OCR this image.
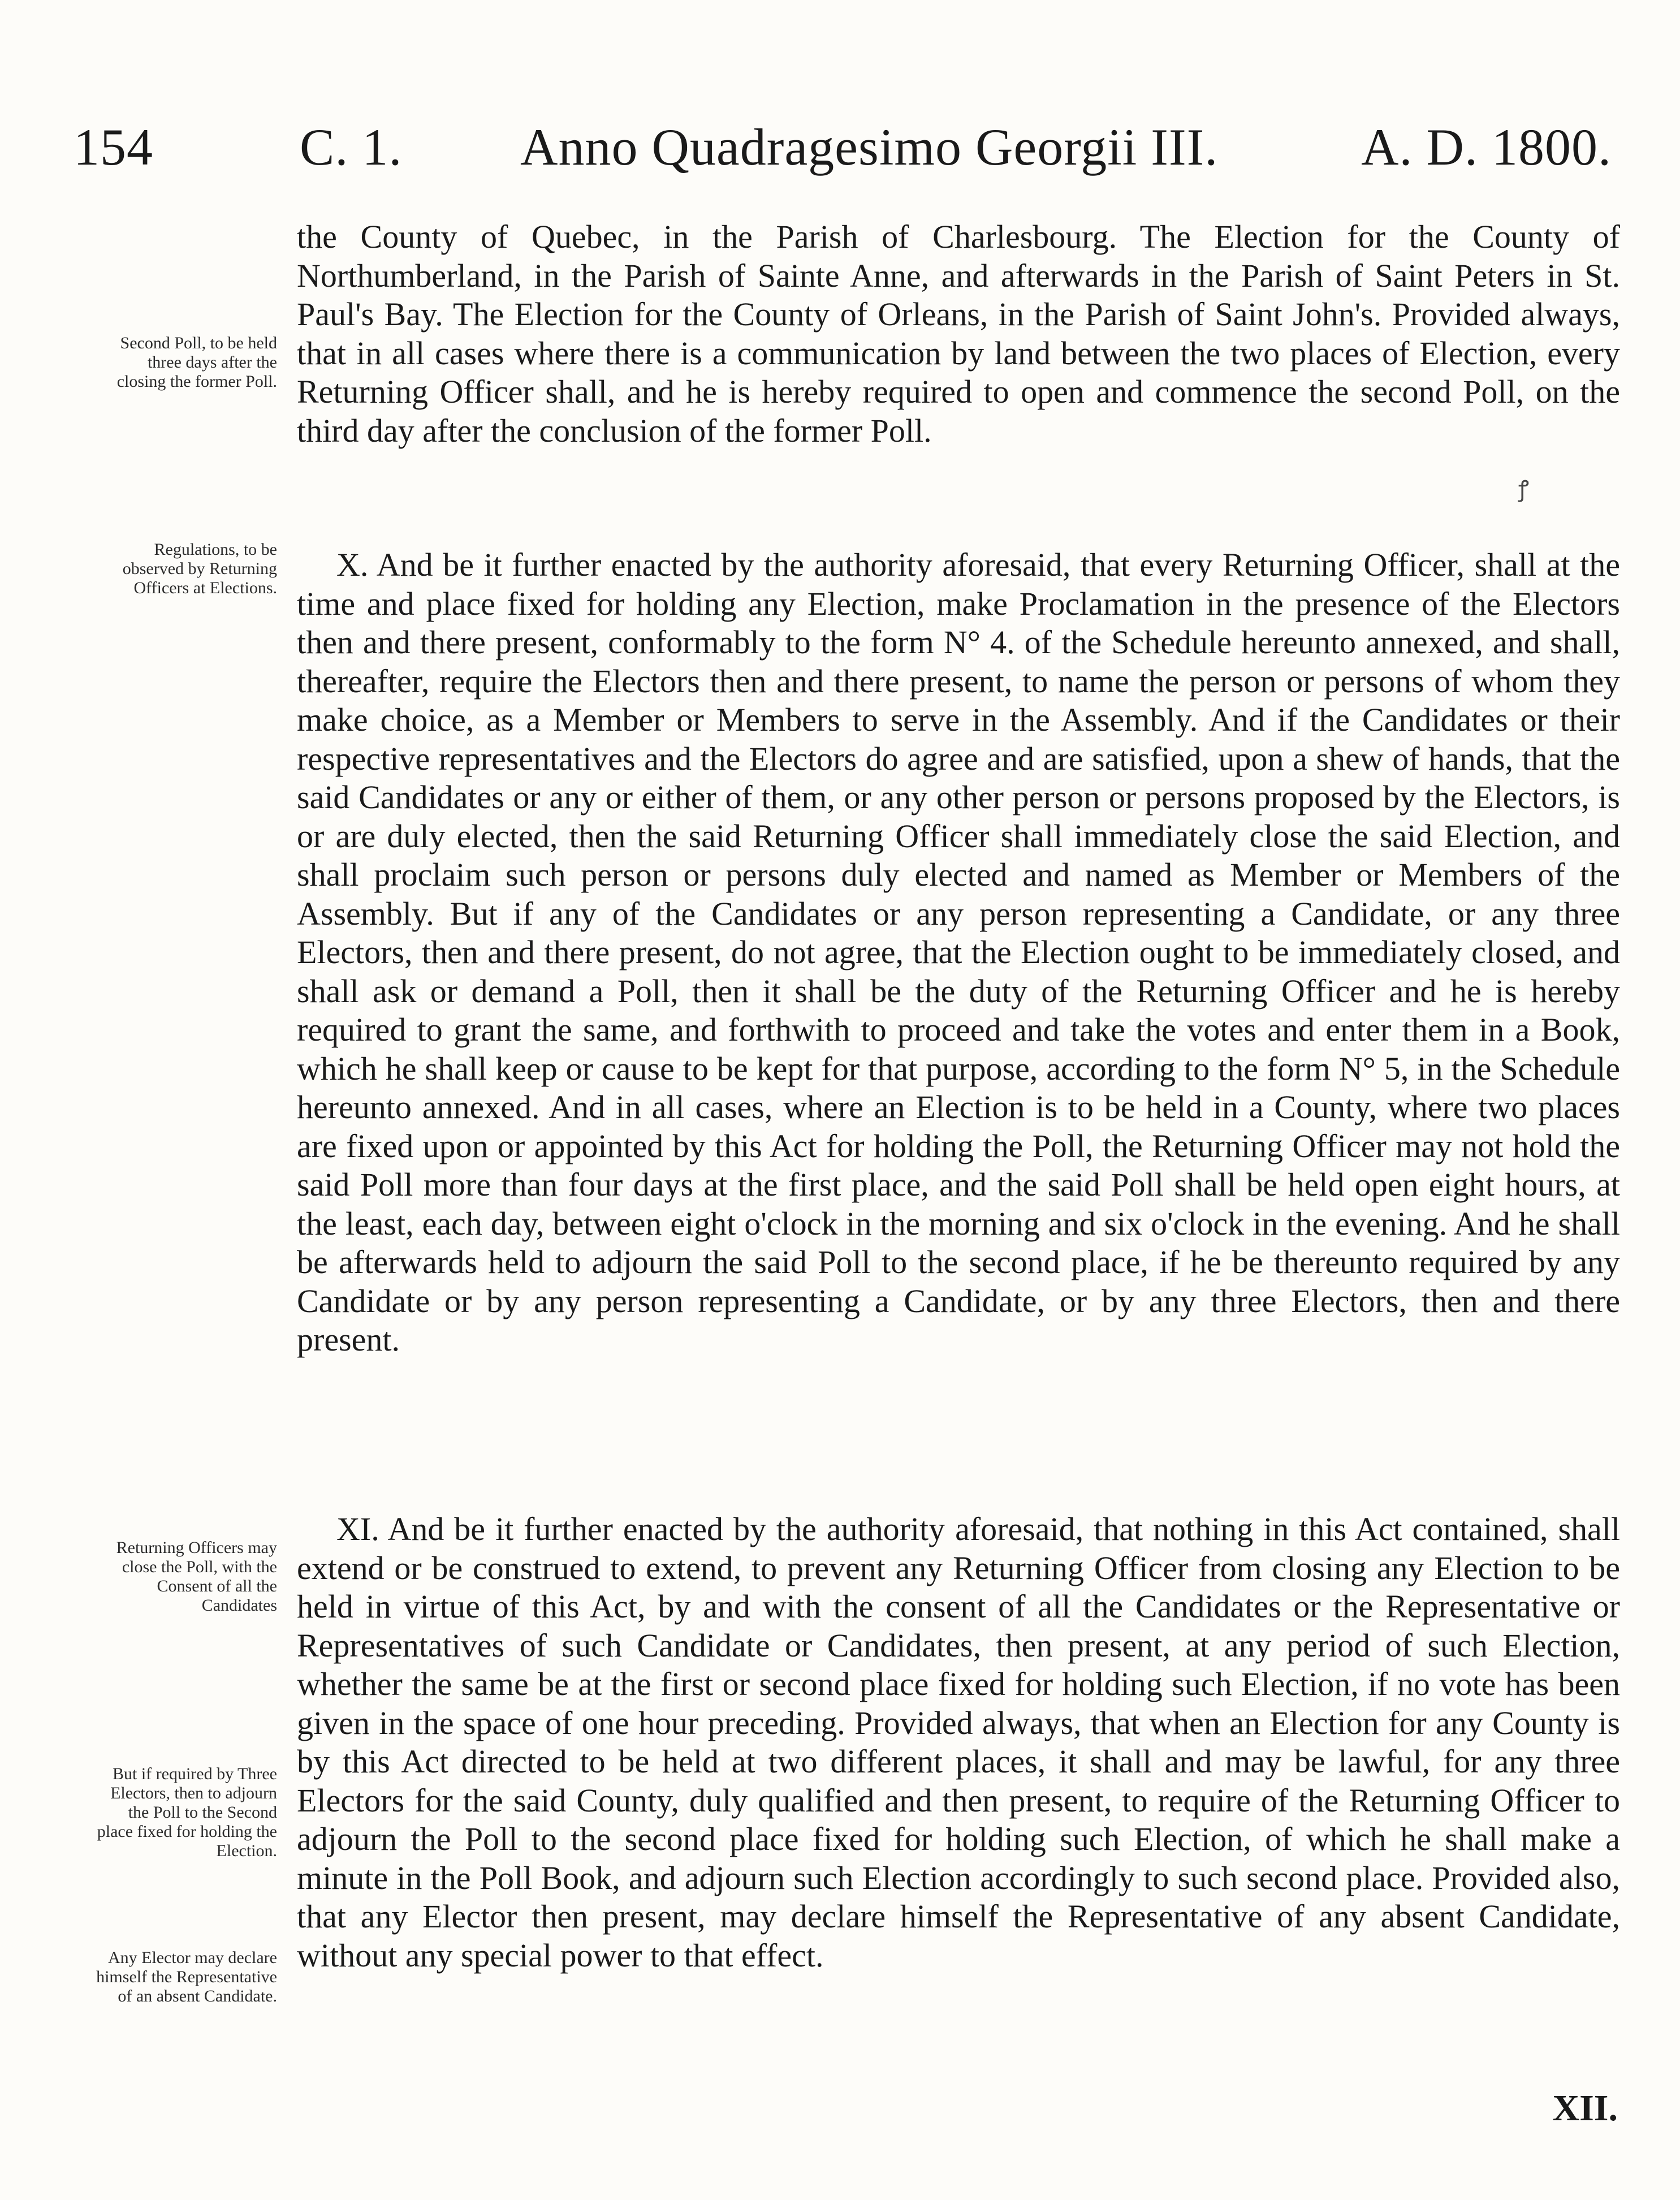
154	C. 1. Anno Quadragesimo Georgii III.	A. D. 1800.

the County of Quebec, in the Parish of Charlesbourg. The Election for the County of Northumberland, in the Parish of Sainte Anne, and afterwards in the Parish of Saint Peters in St. Paul's Bay. The Election for the County of Orleans, in the Parish of Saint John's. Provided always, that in all cases where there is a communication by land between the two places of Election, every Returning Officer shall, and he is hereby required to open and commence the second Poll, on the third day after the conclusion of the former Poll.

ꝭ

X. And be it further enacted by the authority aforesaid, that every Returning Officer, shall at the time and place fixed for holding any Election, make Proclamation in the presence of the Electors then and there present, conformably to the form N° 4. of the Schedule hereunto annexed, and shall, thereafter, require the Electors then and there present, to name the person or persons of whom they make choice, as a Member or Members to serve in the Assembly. And if the Candidates or their respective representatives and the Electors do agree and are satisfied, upon a shew of hands, that the said Candidates or any or either of them, or any other person or persons proposed by the Electors, is or are duly elected, then the said Returning Officer shall immediately close the said Election, and shall proclaim such person or persons duly elected and named as Member or Members of the Assembly. But if any of the Candidates or any person representing a Candidate, or any three Electors, then and there present, do not agree, that the Election ought to be immediately closed, and shall ask or demand a Poll, then it shall be the duty of the Returning Officer and he is hereby required to grant the same, and forthwith to proceed and take the votes and enter them in a Book, which he shall keep or cause to be kept for that purpose, according to the form N° 5, in the Schedule hereunto annexed. And in all cases, where an Election is to be held in a County, where two places are fixed upon or appointed by this Act for holding the Poll, the Returning Officer may not hold the said Poll more than four days at the first place, and the said Poll shall be held open eight hours, at the least, each day, between eight o'clock in the morning and six o'clock in the evening. And he shall be afterwards held to adjourn the said Poll to the second place, if he be thereunto required by any Candidate or by any person representing a Candidate, or by any three Electors, then and there present.

XI. And be it further enacted by the authority aforesaid, that nothing in this Act contained, shall extend or be construed to extend, to prevent any Returning Officer from closing any Election to be held in virtue of this Act, by and with the consent of all the Candidates or the Representative or Representatives of such Candidate or Candidates, then present, at any period of such Election, whether the same be at the first or second place fixed for holding such Election, if no vote has been given in the space of one hour preceding. Provided always, that when an Election for any County is by this Act directed to be held at two different places, it shall and may be lawful, for any three Electors for the said County, duly qualified and then present, to require of the Returning Officer to adjourn the Poll to the second place fixed for holding such Election, of which he shall make a minute in the Poll Book, and adjourn such Election accordingly to such second place. Provided also, that any Elector then present, may declare himself the Representative of any absent Candidate, without any special power to that effect.

Second Poll, to be held three days after the closing the former Poll.
Regulations, to be observed by Returning Officers at Elections.
Returning Officers may close the Poll, with the Consent of all the Candidates
But if required by Three Electors, then to adjourn the Poll to the Second place fixed for holding the Election.
Any Elector may declare himself the Representative of an absent Candidate.
XII.
